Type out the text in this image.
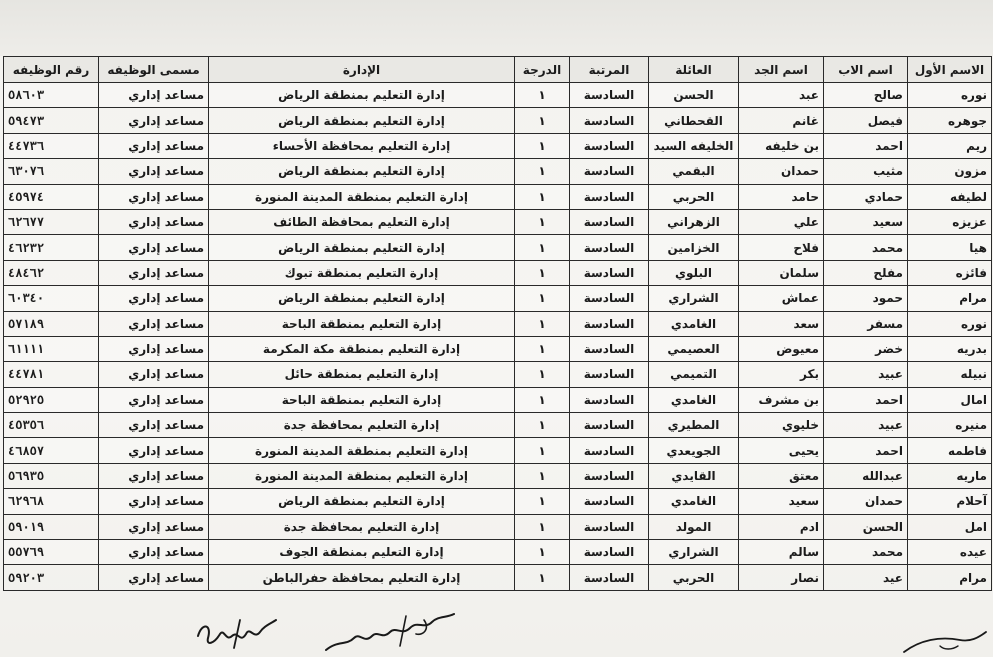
الاسم الأول	اسم الاب	اسم الجد	العائلة	المرتبة	الدرجة	الإدارة	مسمى الوظيفه	رقم الوظيفه
نوره	صالح	عبد	الحسن	السادسة	١	إدارة التعليم بمنطقة الرياض	مساعد إداري	٥٨٦٠٣
جوهره	فيصل	غانم	القحطاني	السادسة	١	إدارة التعليم بمنطقة الرياض	مساعد إداري	٥٩٤٧٣
ريم	احمد	بن خليفه	الخليفه السيد	السادسة	١	إدارة التعليم بمحافظة الأحساء	مساعد إداري	٤٤٧٣٦
مزون	مثيب	حمدان	البقمي	السادسة	١	إدارة التعليم بمنطقة الرياض	مساعد إداري	٦٣٠٧٦
لطيفه	حمادي	حامد	الحربي	السادسة	١	إدارة التعليم بمنطقة المدينة المنورة	مساعد إداري	٤٥٩٧٤
عزيزه	سعيد	علي	الزهراني	السادسة	١	إدارة التعليم بمحافظة الطائف	مساعد إداري	٦٢٦٧٧
هيا	محمد	فلاح	الخزامين	السادسة	١	إدارة التعليم بمنطقة الرياض	مساعد إداري	٤٦٢٣٢
فائزه	مفلح	سلمان	البلوي	السادسة	١	إدارة التعليم بمنطقة تبوك	مساعد إداري	٤٨٤٦٢
مرام	حمود	عماش	الشراري	السادسة	١	إدارة التعليم بمنطقة الرياض	مساعد إداري	٦٠٣٤٠
نوره	مسفر	سعد	الغامدي	السادسة	١	إدارة التعليم بمنطقة الباحة	مساعد إداري	٥٧١٨٩
بدريه	خضر	معيوض	العصيمي	السادسة	١	إدارة التعليم بمنطقة مكة المكرمة	مساعد إداري	٦١١١١
نبيله	عبيد	بكر	التميمي	السادسة	١	إدارة التعليم بمنطقة حائل	مساعد إداري	٤٤٧٨١
امال	احمد	بن مشرف	الغامدي	السادسة	١	إدارة التعليم بمنطقة الباحة	مساعد إداري	٥٢٩٢٥
منيره	عبيد	خليوي	المطيري	السادسة	١	إدارة التعليم بمحافظة جدة	مساعد إداري	٤٥٣٥٦
فاطمه	احمد	يحيى	الجويعدي	السادسة	١	إدارة التعليم بمنطقة المدينة المنورة	مساعد إداري	٤٦٨٥٧
ماريه	عبدالله	معتق	القايدي	السادسة	١	إدارة التعليم بمنطقة المدينة المنورة	مساعد إداري	٥٦٩٣٥
آحلام	حمدان	سعيد	الغامدي	السادسة	١	إدارة التعليم بمنطقة الرياض	مساعد إداري	٦٢٩٦٨
امل	الحسن	ادم	المولد	السادسة	١	إدارة التعليم بمحافظة جدة	مساعد إداري	٥٩٠١٩
عيده	محمد	سالم	الشراري	السادسة	١	إدارة التعليم بمنطقة الجوف	مساعد إداري	٥٥٧٦٩
مرام	عيد	نصار	الحربي	السادسة	١	إدارة التعليم بمحافظة حفرالباطن	مساعد إداري	٥٩٢٠٣
